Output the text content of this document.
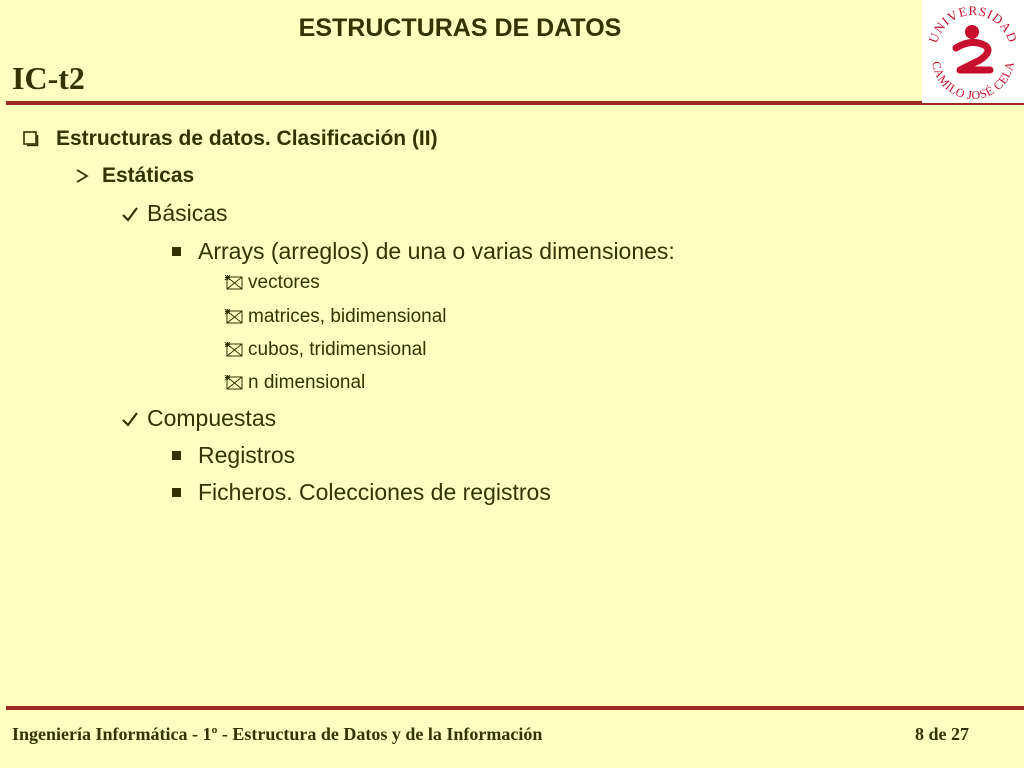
ESTRUCTURAS DE DATOS
IC-t2
UNIVERSIDAD
CAMILO JOSÉ CELA
Estructuras de datos. Clasificación (II)
Estáticas
Básicas
Arrays (arreglos) de una o varias dimensiones:
vectores
matrices, bidimensional
cubos, tridimensional
n dimensional
Compuestas
Registros
Ficheros. Colecciones de registros
Ingeniería Informática - 1º - Estructura de Datos y de la Información	8 de 27
